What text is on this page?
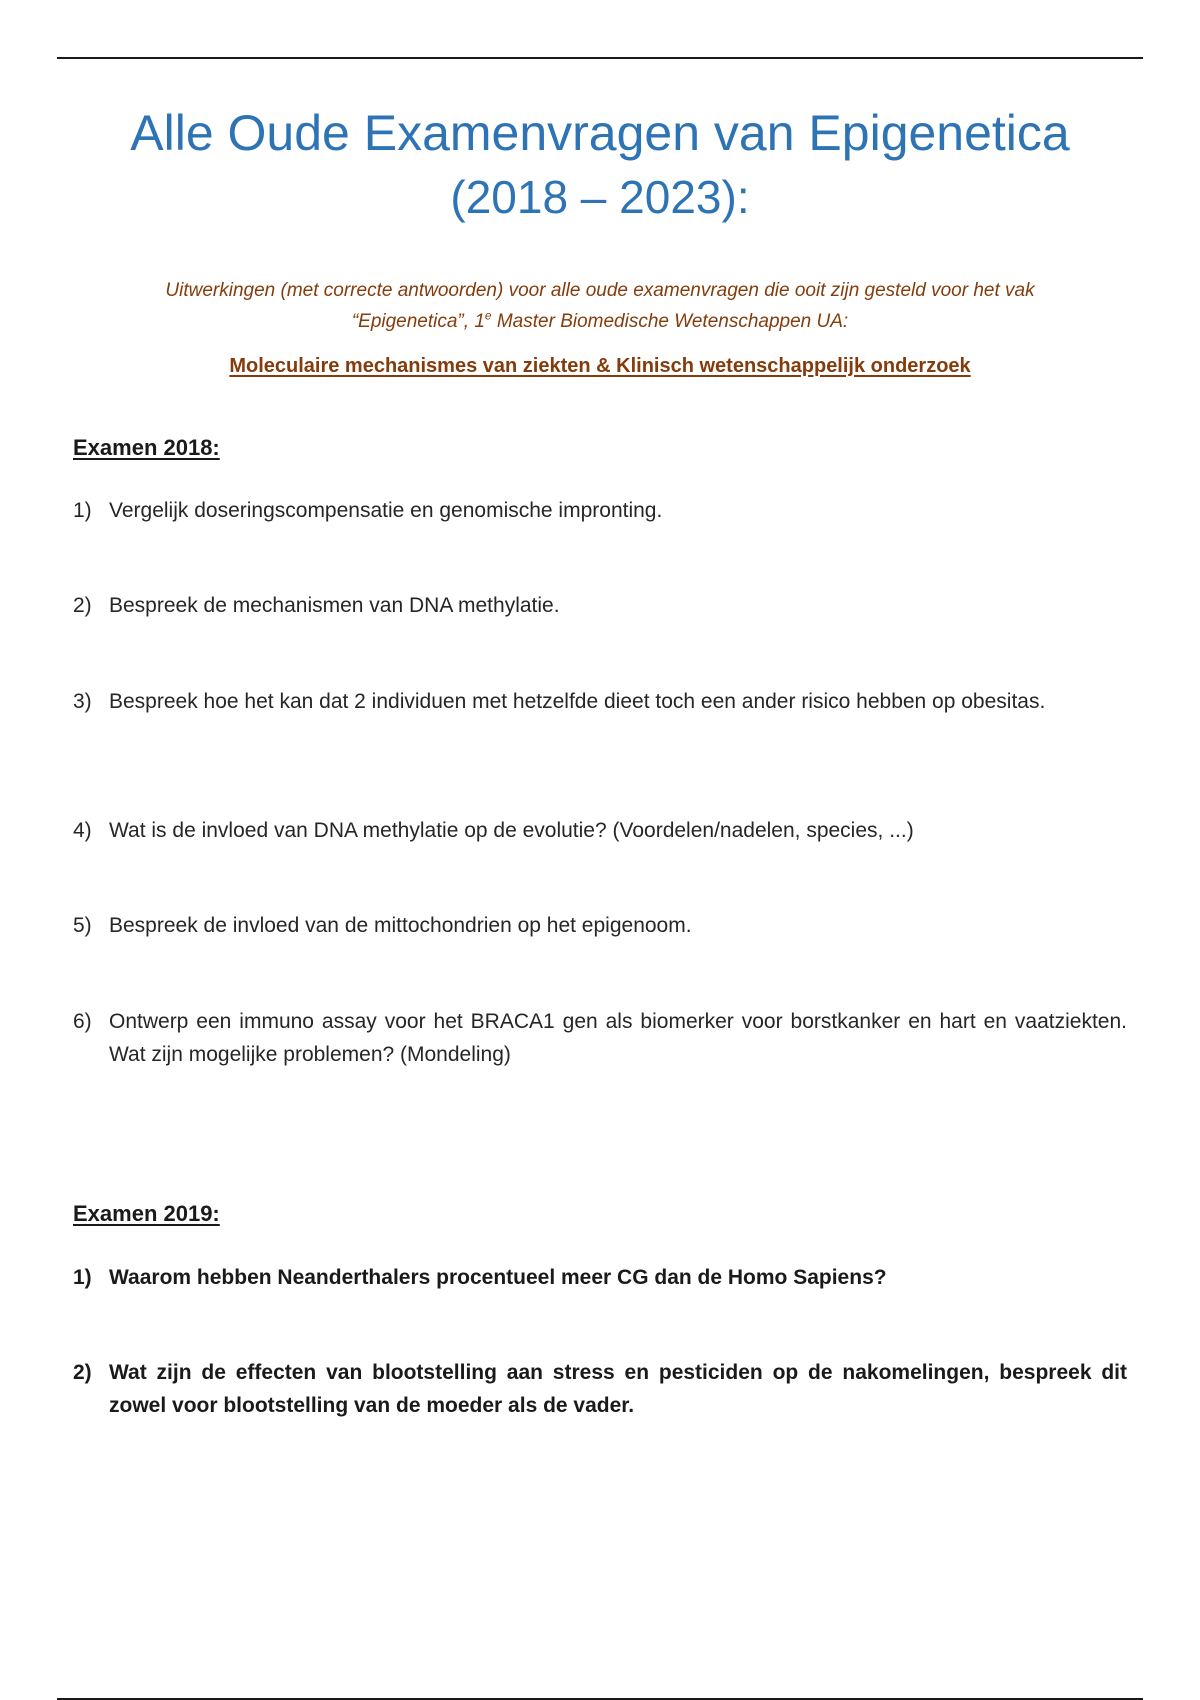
Alle Oude Examenvragen van Epigenetica
(2018 – 2023):
Uitwerkingen (met correcte antwoorden) voor alle oude examenvragen die ooit zijn gesteld voor het vak
“Epigenetica”, 1e Master Biomedische Wetenschappen UA:
Moleculaire mechanismes van ziekten & Klinisch wetenschappelijk onderzoek
Examen 2018:
1) Vergelijk doseringscompensatie en genomische impronting.
2) Bespreek de mechanismen van DNA methylatie.
3) Bespreek hoe het kan dat 2 individuen met hetzelfde dieet toch een ander risico hebben op obesitas.
4) Wat is de invloed van DNA methylatie op de evolutie? (Voordelen/nadelen, species, ...)
5) Bespreek de invloed van de mittochondrien op het epigenoom.
6) Ontwerp een immuno assay voor het BRACA1 gen als biomerker voor borstkanker en hart en vaatziekten. Wat zijn mogelijke problemen? (Mondeling)
Examen 2019:
1) Waarom hebben Neanderthalers procentueel meer CG dan de Homo Sapiens?
2) Wat zijn de effecten van blootstelling aan stress en pesticiden op de nakomelingen, bespreek dit zowel voor blootstelling van de moeder als de vader.
